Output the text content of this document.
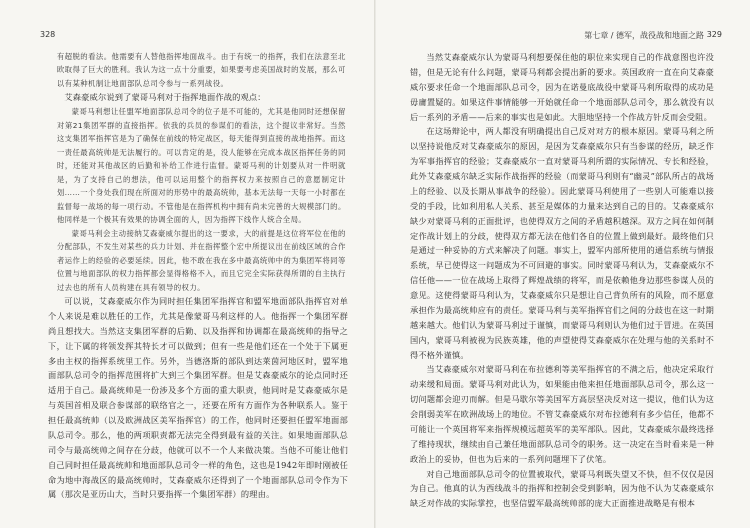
328

有超脱的看法。他需要有人替他指挥地面战斗。由于有统一的指挥，我们在法意至北欧取得了巨大的胜利。我认为这一点十分重要，如果要考虑美国战时的发展，那么可以有某种机制让地面部队总司令参与一系列战役。

艾森豪威尔说到了蒙哥马利对于指挥地面作战的观点：

蒙哥马利想让任盟军地面部队总司令的位子是不可能的，尤其是他同时还想保留对第21集团军群的直接指挥。依我的兵员的参谋们的看法，这个提议非常好。当然这支集团军指挥官是为了确保在前线的特定战区，每天能得到直接的战地指挥。而这一责任最高统帅是无法履行的。可以肯定的是，没人能够在完成本战区指挥任务的同时，还能对其他战区的后勤和补给工作进行监督。蒙哥马利的计划要从对一件明就是，为了支持自己的想法，他可以运用整个的指挥权力来按照自己的意愿制定计划……一个身处我们现在所面对的形势中的最高统帅，基本无法每一天每一小时都在监督每一战场的每一项行动。不管他是在指挥机构中拥有尚未完善的大规模部门的。他同样是一个极其有效果的协调全面的人，因为指挥下线作人统合全局。

蒙哥马利会主动接纳艾森豪威尔提出的这一要求，大的前提是这位将军位在他的分配部队，不发生对某些的兵力计划、并在指挥整个宏中所提议出在前线区域的合作者运作上的经验的必要延续。因此，他不敢在我在多中最高统帅中的为集团军将同等位置与地面部队的权力指挥都会显得格格不入，而且它完全实际获得所谓的自主执行过去也的所有人员构建在具有领导的权力。

可以说，艾森豪威尔作为同时担任集团军指挥官和盟军地面部队指挥官对单个人来说是难以胜任的工作，尤其是像蒙哥马利这样的人。他指挥一个集团军群尚且想找大。当然这支集团军群的后勤、以及指挥和协调都在最高统帅的指导之下，让下属的将领发挥其特长才可以做到；但有一些是他们还在一个处于下属更多由主权的指挥系统里工作。另外，当德洛斯的部队到达莱茵河地区时，盟军地面部队总司令的指挥范围将扩大到三个集团军群。但是艾森豪威尔的论点同时还适用于自己。最高统帅是一份涉及多个方面的重大职责，他同时是艾森豪威尔是与英国首相及联合参谋部的联络官之一，还要在所有方面作为各种联系人。鉴于担任最高统帅（以及欧洲战区美军指挥官）的工作，他同时还要担任盟军地面部队总司令。那么，他的两项职责都无法完全得到最有益的关注。如果地面部队总司令与最高统帅之间存在分歧，他就可以不一个人来做决策。当他不可能让他们自己同时担任最高统帅和地面部队总司令一样的角色，这也是1942年即时刚被任命为地中海战区的最高统帅时，艾森豪威尔还得到了一个地面部队总司令作为下属（那次是亚历山大，当时只要指挥一个集团军群）的理由。

第七章 / 德军，战役战和地面之路 329

当然艾森豪威尔认为蒙哥马利想要保住他的职位来实现自己的作战意图也许没错，但是无论有什么问题，蒙哥马利都会提出新的要求。英国政府一直在向艾森豪威尔要求任命一个地面部队总司令，因为在诺曼底战役中蒙哥马利所取得的成功是毋庸置疑的。如果这件事情能够一开始就任命一个地面部队总司令，那么就没有以后一系列的矛盾——后来的事实也是如此。大胆地坚持一个作战方针反而会受阻。

在这场辩论中，两人都没有明确提出自己反对对方的根本原因。蒙哥马利之所以坚持说他反对艾森豪威尔的原因，是因为艾森豪威尔只有当参谋的经历，缺乏作为军事指挥官的经验；艾森豪威尔一直对蒙哥马利所谓的实际情况、专长和经验，此外艾森豪威尔缺乏实际作战指挥的经验（而蒙哥马利则有“幽灵”部队所占的战场上的经验、以及长期从事战争的经验）。因此蒙哥马利使用了一些别人可能难以接受的手段，比如利用私人关系、甚至是媒体的力量来达到自己的目的。艾森豪威尔缺少对蒙哥马利的正面批评，也使得双方之间的矛盾越积越深。双方之间在如何制定作战计划上的分歧，使得双方都无法在他们各自的位置上做到最好。最终他们只是通过一种妥协的方式来解决了问题。事实上，盟军内部所使用的通信系统与情报系统，早已使得这一问题成为不可回避的事实。同时蒙哥马利认为，艾森豪威尔不信任他——一位在战场上取得了辉煌战绩的将军，而是依赖他身边那些参谋人员的意见。这使得蒙哥马利认为，艾森豪威尔只是想让自己背负所有的风险，而不愿意承担作为最高统帅应有的责任。蒙哥马利与美军指挥官们之间的分歧也在这一时期越来越大。他们认为蒙哥马利过于谨慎，而蒙哥马利则认为他们过于冒进。在英国国内，蒙哥马利被视为民族英雄，他的声望使得艾森豪威尔在处理与他的关系时不得不格外谨慎。

当艾森豪威尔对蒙哥马利在布拉德利等美军指挥官的不满之后，他决定采取行动来缓和局面。蒙哥马利对此认为，如果能由他来担任地面部队总司令，那么这一切问题都会迎刃而解。但是马歇尔等美国军方高层坚决反对这一提议，他们认为这会削弱美军在欧洲战场上的地位。不管艾森豪威尔对布拉德利有多少信任，他都不可能让一个英国将军来指挥规模远超英军的美军部队。因此，艾森豪威尔最终选择了维持现状，继续由自己兼任地面部队总司令的职务。这一决定在当时看来是一种政治上的妥协，但也为后来的一系列问题埋下了伏笔。

对自己地面部队总司令的位置被取代，蒙哥马利既失望又不快，但不仅仅是因为自己。他真的认为西线战斗的指挥和控制会受到影响，因为他不认为艾森豪威尔缺乏对作战的实际掌控，也坚信盟军最高统帅部的庞大正面推进战略是有根本
